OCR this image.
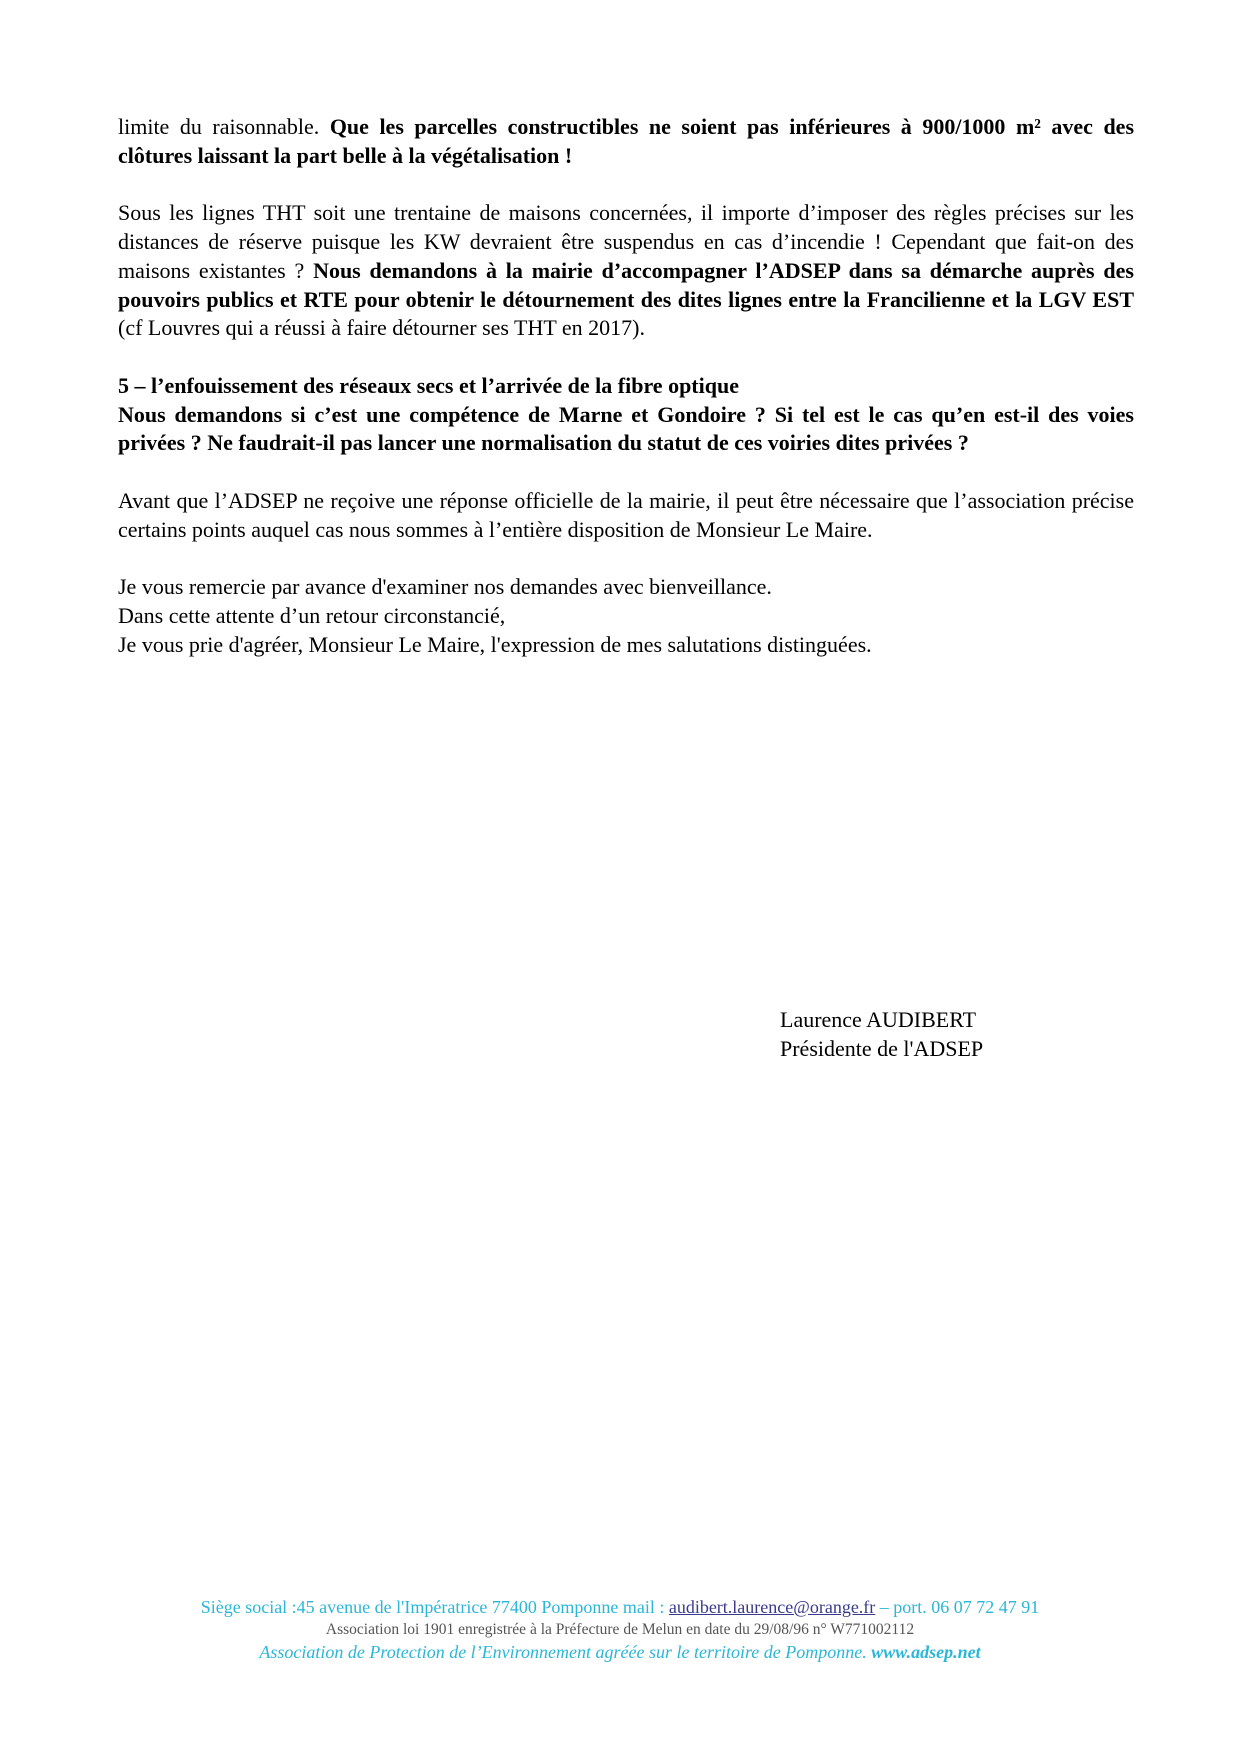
limite du raisonnable. Que les parcelles constructibles ne soient pas inférieures à 900/1000 m² avec des clôtures laissant la part belle à la végétalisation !

Sous les lignes THT soit une trentaine de maisons concernées, il importe d’imposer des règles précises sur les distances de réserve puisque les KW devraient être suspendus en cas d’incendie ! Cependant que fait-on des maisons existantes ? Nous demandons à la mairie d’accompagner l’ADSEP dans sa démarche auprès des pouvoirs publics et RTE pour obtenir le détournement des dites lignes entre la Francilienne et la LGV EST (cf Louvres qui a réussi à faire détourner ses THT en 2017).

5 – l’enfouissement des réseaux secs et l’arrivée de la fibre optique
Nous demandons si c’est une compétence de Marne et Gondoire ? Si tel est le cas qu’en est-il des voies privées ? Ne faudrait-il pas lancer une normalisation du statut de ces voiries dites privées ?

Avant que l’ADSEP ne reçoive une réponse officielle de la mairie, il peut être nécessaire que l’association précise certains points auquel cas nous sommes à l’entière disposition de Monsieur Le Maire.

Je vous remercie par avance d'examiner nos demandes avec bienveillance.
Dans cette attente d’un retour circonstancié,
Je vous prie d'agréer, Monsieur Le Maire, l'expression de mes salutations distinguées.

Laurence AUDIBERT
Présidente de l'ADSEP
Siège social :45 avenue de l'Impératrice 77400 Pomponne mail : audibert.laurence@orange.fr – port. 06 07 72 47 91
Association loi 1901 enregistrée à la Préfecture de Melun en date du 29/08/96 n° W771002112
Association de Protection de l’Environnement agréée sur le territoire de Pomponne. www.adsep.net
